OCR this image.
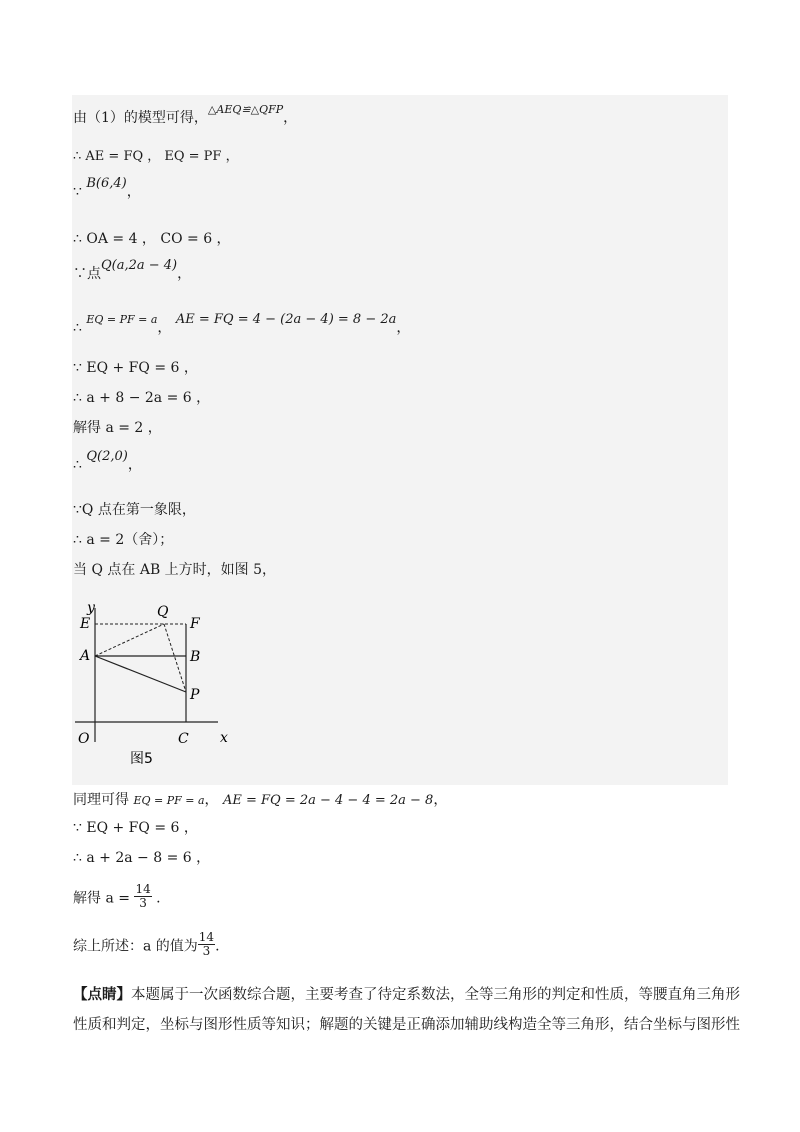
由（1）的模型可得，$^{\triangle AEQ≌\triangle QFP}$，
∴ AE = FQ ， EQ = PF ，
∵ B(6,4)，
∴ OA = 4 ， CO = 6 ，
∵点Q(a,2a − 4)，
∴ $^{EQ = PF = a}$， AE = FQ = 4 − (2a − 4) = 8 − 2a，
∵ EQ + FQ = 6 ，
∴ a + 8 − 2a = 6 ，
解得 a = 2 ，
∴ Q(2,0)，
∵Q 点在第一象限，
∴ a = 2（舍）；
当 Q 点在 AB 上方时，如图 5，
y
x
O
E
A
Q
F
B
P
C
图5
同理可得 EQ = PF = a， AE = FQ = 2a − 4 − 4 = 2a − 8，
∵ EQ + FQ = 6 ，
∴ a + 2a − 8 = 6 ，
解得 $a = \frac{14}{3}$ .
综上所述：a 的值为 $\frac{14}{3}$ .
【点睛】本题属于一次函数综合题，主要考查了待定系数法，全等三角形的判定和性质，等腰直角三角形
性质和判定，坐标与图形性质等知识；解题的关键是正确添加辅助线构造全等三角形，结合坐标与图形性
